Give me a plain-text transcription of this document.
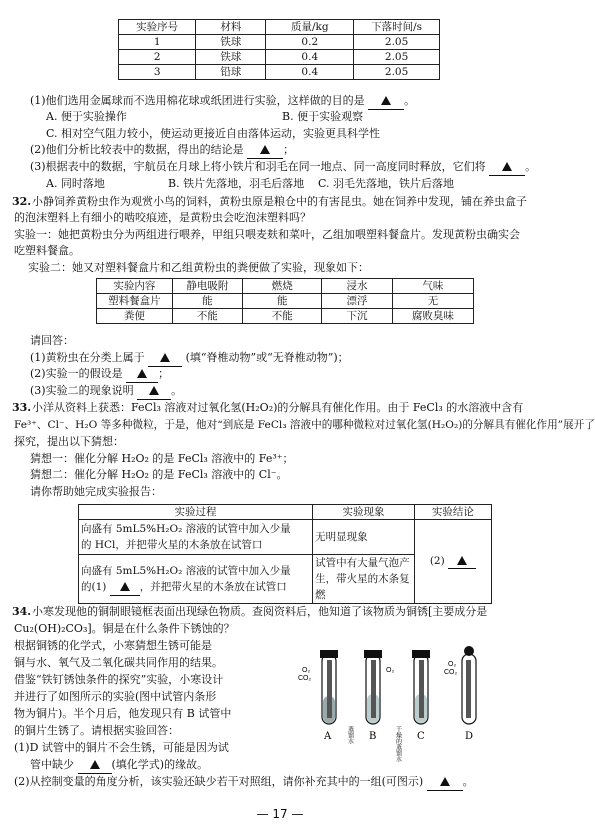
实验序号	材料	质量/kg	下落时间/s
1	铁球	0.2	2.05
2	铁球	0.4	2.05
3	铅球	0.4	2.05
(1)他们选用金属球而不选用棉花球或纸团进行实验，这样做的目的是	。
A. 便于实验操作	B. 便于实验观察
C. 相对空气阻力较小，使运动更接近自由落体运动，实验更具科学性
(2)他们分析比较表中的数据，得出的结论是	；
(3)根据表中的数据，宇航员在月球上将小铁片和羽毛在同一地点、同一高度同时释放，它们将	。
A. 同时落地	B. 铁片先落地，羽毛后落地 C. 羽毛先落地，铁片后落地
32. 小静饲养黄粉虫作为观赏小鸟的饲料，黄粉虫原是粮仓中的有害昆虫。她在饲养中发现，铺在养虫盒子
的泡沫塑料上有细小的啮咬痕迹，是黄粉虫会吃泡沫塑料吗？
实验一：她把黄粉虫分为两组进行喂养，甲组只喂麦麸和菜叶，乙组加喂塑料餐盒片。发现黄粉虫确实会
吃塑料餐盒。
实验二：她又对塑料餐盒片和乙组黄粉虫的粪便做了实验，现象如下：
实验内容	静电吸附	燃烧	浸水	气味
塑料餐盒片	能	能	漂浮	无
粪便	不能	不能	下沉	腐败臭味
请回答：
(1)黄粉虫在分类上属于	(填“脊椎动物”或“无脊椎动物”)；
(2)实验一的假设是	；
(3)实验二的现象说明	。
33. 小洋从资料上获悉：FeCl₃ 溶液对过氧化氢(H₂O₂)的分解具有催化作用。由于 FeCl₃ 的水溶液中含有
Fe³⁺、Cl⁻、H₂O 等多种微粒，于是，他对“到底是 FeCl₃ 溶液中的哪种微粒对过氧化氢(H₂O₂)的分解具有催化作用”展开了
探究，提出以下猜想：
猜想一：催化分解 H₂O₂ 的是 FeCl₃ 溶液中的 Fe³⁺；
猜想二：催化分解 H₂O₂ 的是 FeCl₃ 溶液中的 Cl⁻。
请你帮助她完成实验报告：
实验过程	实验现象	实验结论
向盛有 5mL5%H₂O₂ 溶液的试管中加入少量
的 HCl，并把带火星的木条放在试管口	无明显现象	(2)
向盛有 5mL5%H₂O₂ 溶液的试管中加入少量
的(1) ，并把带火星的木条放在试管口	试管中有大量气泡产
生，带火星的木条复燃	
34. 小寒发现他的铜制眼镜框表面出现绿色物质。查阅资料后，他知道了该物质为铜锈[主要成分是
Cu₂(OH)₂CO₃]。铜是在什么条件下锈蚀的？
根据铜锈的化学式，小寒猜想生锈可能是
铜与水、氧气及二氧化碳共同作用的结果。
借鉴“铁钉锈蚀条件的探究”实验，小寒设计
并进行了如图所示的实验(图中试管内条形
物为铜片)。半个月后，他发现只有 B 试管中
的铜片生锈了。请根据实验回答：
(1)D 试管中的铜片不会生锈，可能是因为试
管中缺少	(填化学式)的缘故。
(2)从控制变量的角度分析，该实验还缺少若干对照组，请你补充其中的一组(可图示)	。
O₂
CO₂
O₂
O₂
CO₂
蒸馏水	干燥的蒸馏水
A	B	C	D
— 17 —
